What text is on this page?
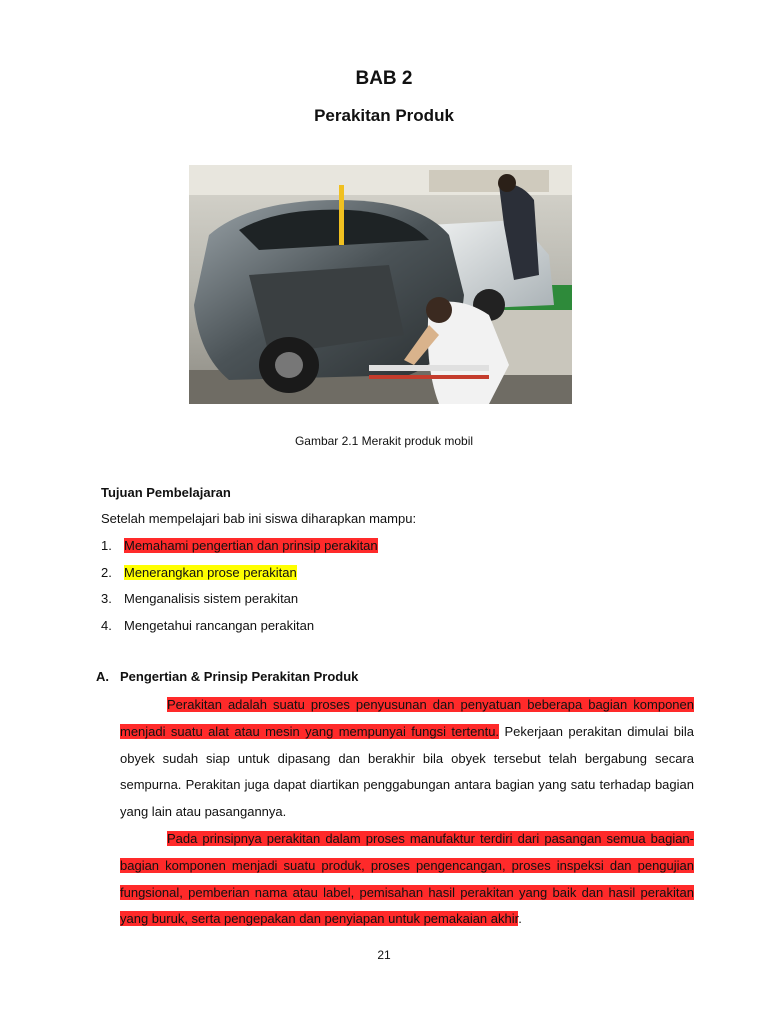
BAB 2
Perakitan Produk
Gambar 2.1 Merakit produk mobil
Tujuan Pembelajaran
Setelah mempelajari bab ini siswa diharapkan mampu:
1. Memahami pengertian dan prinsip perakitan
2. Menerangkan prose perakitan
3. Menganalisis sistem perakitan
4. Mengetahui rancangan perakitan
A. Pengertian & Prinsip Perakitan Produk
Perakitan adalah suatu proses penyusunan dan penyatuan beberapa bagian komponen menjadi suatu alat atau mesin yang mempunyai fungsi tertentu. Pekerjaan perakitan dimulai bila obyek sudah siap untuk dipasang dan berakhir bila obyek tersebut telah bergabung secara sempurna. Perakitan juga dapat diartikan penggabungan antara bagian yang satu terhadap bagian yang lain atau pasangannya.
Pada prinsipnya perakitan dalam proses manufaktur terdiri dari pasangan semua bagian-bagian komponen menjadi suatu produk, proses pengencangan, proses inspeksi dan pengujian fungsional, pemberian nama atau label, pemisahan hasil perakitan yang baik dan hasil perakitan yang buruk, serta pengepakan dan penyiapan untuk pemakaian akhir.
21
